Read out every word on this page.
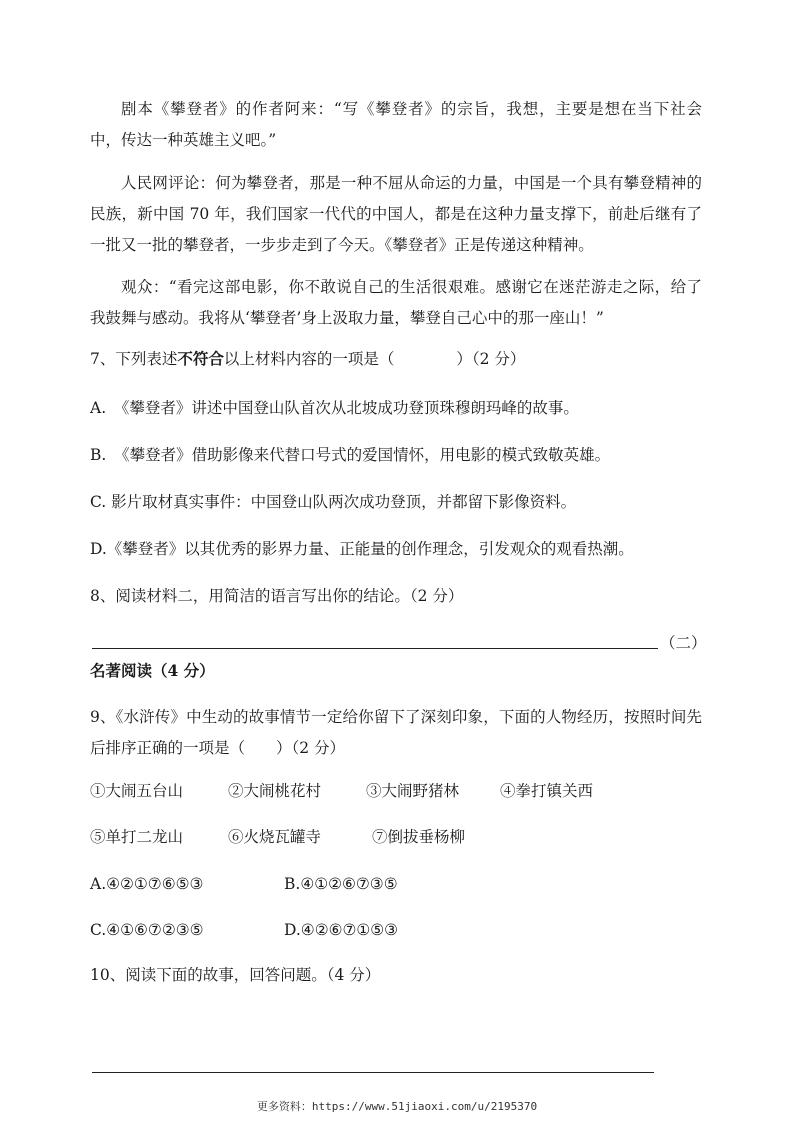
剧本《攀登者》的作者阿来：“写《攀登者》的宗旨，我想，主要是想在当下社会中，传达一种英雄主义吧。”

人民网评论：何为攀登者，那是一种不屈从命运的力量，中国是一个具有攀登精神的民族，新中国 70 年，我们国家一代代的中国人，都是在这种力量支撑下，前赴后继有了一批又一批的攀登者，一步步走到了今天。《攀登者》正是传递这种精神。

观众：“看完这部电影，你不敢说自己的生活很艰难。感谢它在迷茫游走之际，给了我鼓舞与感动。我将从‘攀登者’身上汲取力量，攀登自己心中的那一座山！”

7、下列表述不符合以上材料内容的一项是（　　　　）（2 分）

A.　《攀登者》讲述中国登山队首次从北坡成功登顶珠穆朗玛峰的故事。

B.　《攀登者》借助影像来代替口号式的爱国情怀，用电影的模式致敬英雄。

C. 影片取材真实事件：中国登山队两次成功登顶，并都留下影像资料。

D.《攀登者》以其优秀的影界力量、正能量的创作理念，引发观众的观看热潮。

8、阅读材料二，用简洁的语言写出你的结论。（2 分）

（二）

名著阅读（4 分）

9、《水浒传》中生动的故事情节一定给你留下了深刻印象，下面的人物经历，按照时间先后排序正确的一项是（　　）（2 分）

①大闹五台山	②大闹桃花村	③大闹野猪林	④拳打镇关西
⑤单打二龙山	⑥火烧瓦罐寺	⑦倒拔垂杨柳
A.④②①⑦⑥⑤③	B.④①②⑥⑦③⑤
C.④①⑥⑦②③⑤	D.④②⑥⑦①⑤③

10、阅读下面的故事，回答问题。（4 分）

更多资料：https://www.51jiaoxi.com/u/2195370
